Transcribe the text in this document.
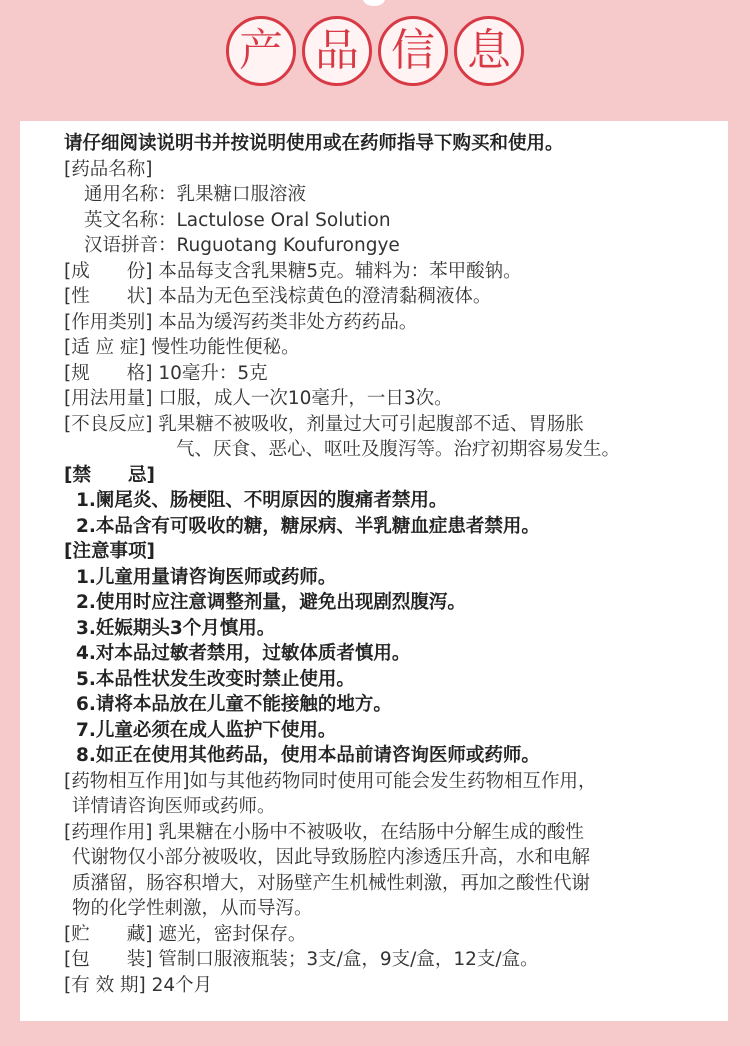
产 品 信 息
请仔细阅读说明书并按说明使用或在药师指导下购买和使用。
[药品名称]
通用名称：乳果糖口服溶液
英文名称：Lactulose Oral Solution
汉语拼音：Ruguotang Koufurongye
[成　　份] 本品每支含乳果糖5克。辅料为：苯甲酸钠。
[性　　状] 本品为无色至浅棕黄色的澄清黏稠液体。
[作用类别] 本品为缓泻药类非处方药药品。
[适 应 症] 慢性功能性便秘。
[规　　格] 10毫升：5克
[用法用量] 口服，成人一次10毫升，一日3次。
[不良反应] 乳果糖不被吸收，剂量过大可引起腹部不适、胃肠胀
气、厌食、恶心、呕吐及腹泻等。治疗初期容易发生。
[禁　　忌]
1.阑尾炎、肠梗阻、不明原因的腹痛者禁用。
2.本品含有可吸收的糖，糖尿病、半乳糖血症患者禁用。
[注意事项]
1.儿童用量请咨询医师或药师。
2.使用时应注意调整剂量，避免出现剧烈腹泻。
3.妊娠期头3个月慎用。
4.对本品过敏者禁用，过敏体质者慎用。
5.本品性状发生改变时禁止使用。
6.请将本品放在儿童不能接触的地方。
7.儿童必须在成人监护下使用。
8.如正在使用其他药品，使用本品前请咨询医师或药师。
[药物相互作用]如与其他药物同时使用可能会发生药物相互作用，
详情请咨询医师或药师。
[药理作用] 乳果糖在小肠中不被吸收，在结肠中分解生成的酸性
代谢物仅小部分被吸收，因此导致肠腔内渗透压升高，水和电解
质潴留，肠容积增大，对肠壁产生机械性刺激，再加之酸性代谢
物的化学性刺激，从而导泻。
[贮　　藏] 遮光，密封保存。
[包　　装] 管制口服液瓶装；3支/盒，9支/盒，12支/盒。
[有 效 期] 24个月
